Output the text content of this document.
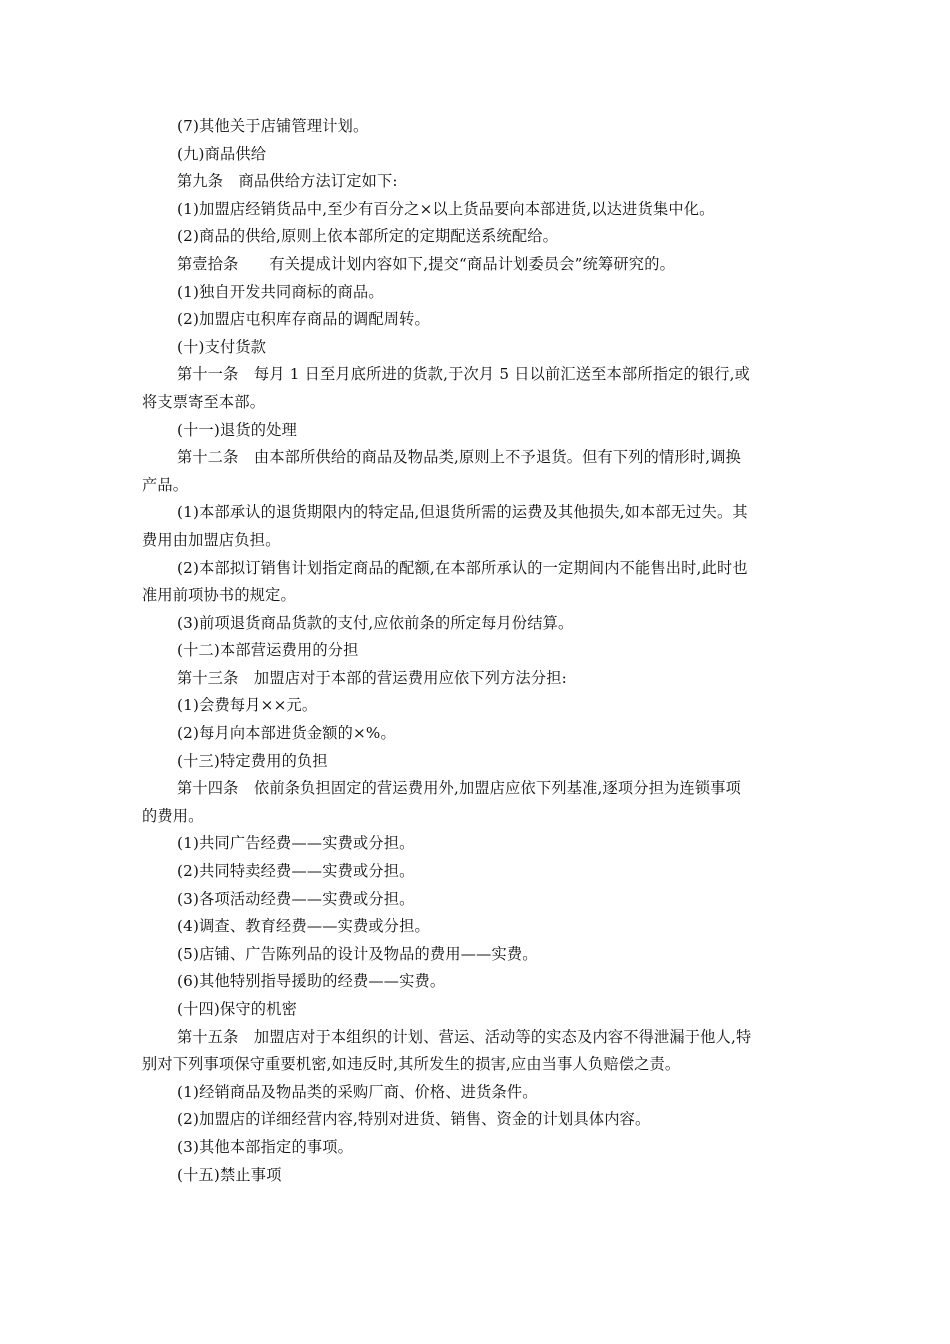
(7)其他关于店铺管理计划。

(九)商品供给

第九条　商品供给方法订定如下:

(1)加盟店经销货品中,至少有百分之×以上货品要向本部进货,以达进货集中化。

(2)商品的供给,原则上依本部所定的定期配送系统配给。

第壹拾条　　有关提成计划内容如下,提交“商品计划委员会”统筹研究的。

(1)独自开发共同商标的商品。

(2)加盟店屯积库存商品的调配周转。

(十)支付货款

第十一条　每月 1 日至月底所进的货款,于次月 5 日以前汇送至本部所指定的银行,或

将支票寄至本部。

(十一)退货的处理

第十二条　由本部所供给的商品及物品类,原则上不予退货。但有下列的情形时,调换

产品。

(1)本部承认的退货期限内的特定品,但退货所需的运费及其他损失,如本部无过失。其

费用由加盟店负担。

(2)本部拟订销售计划指定商品的配额,在本部所承认的一定期间内不能售出时,此时也

准用前项协书的规定。

(3)前项退货商品货款的支付,应依前条的所定每月份结算。

(十二)本部营运费用的分担

第十三条　加盟店对于本部的营运费用应依下列方法分担:

(1)会费每月××元。

(2)每月向本部进货金额的×%。

(十三)特定费用的负担

第十四条　依前条负担固定的营运费用外,加盟店应依下列基准,逐项分担为连锁事项

的费用。

(1)共同广告经费——实费或分担。

(2)共同特卖经费——实费或分担。

(3)各项活动经费——实费或分担。

(4)调查、教育经费——实费或分担。

(5)店铺、广告陈列品的设计及物品的费用——实费。

(6)其他特别指导援助的经费——实费。

(十四)保守的机密

第十五条　加盟店对于本组织的计划、营运、活动等的实态及内容不得泄漏于他人,特

别对下列事项保守重要机密,如违反时,其所发生的损害,应由当事人负赔偿之责。

(1)经销商品及物品类的采购厂商、价格、进货条件。

(2)加盟店的详细经营内容,特别对进货、销售、资金的计划具体内容。

(3)其他本部指定的事项。

(十五)禁止事项
